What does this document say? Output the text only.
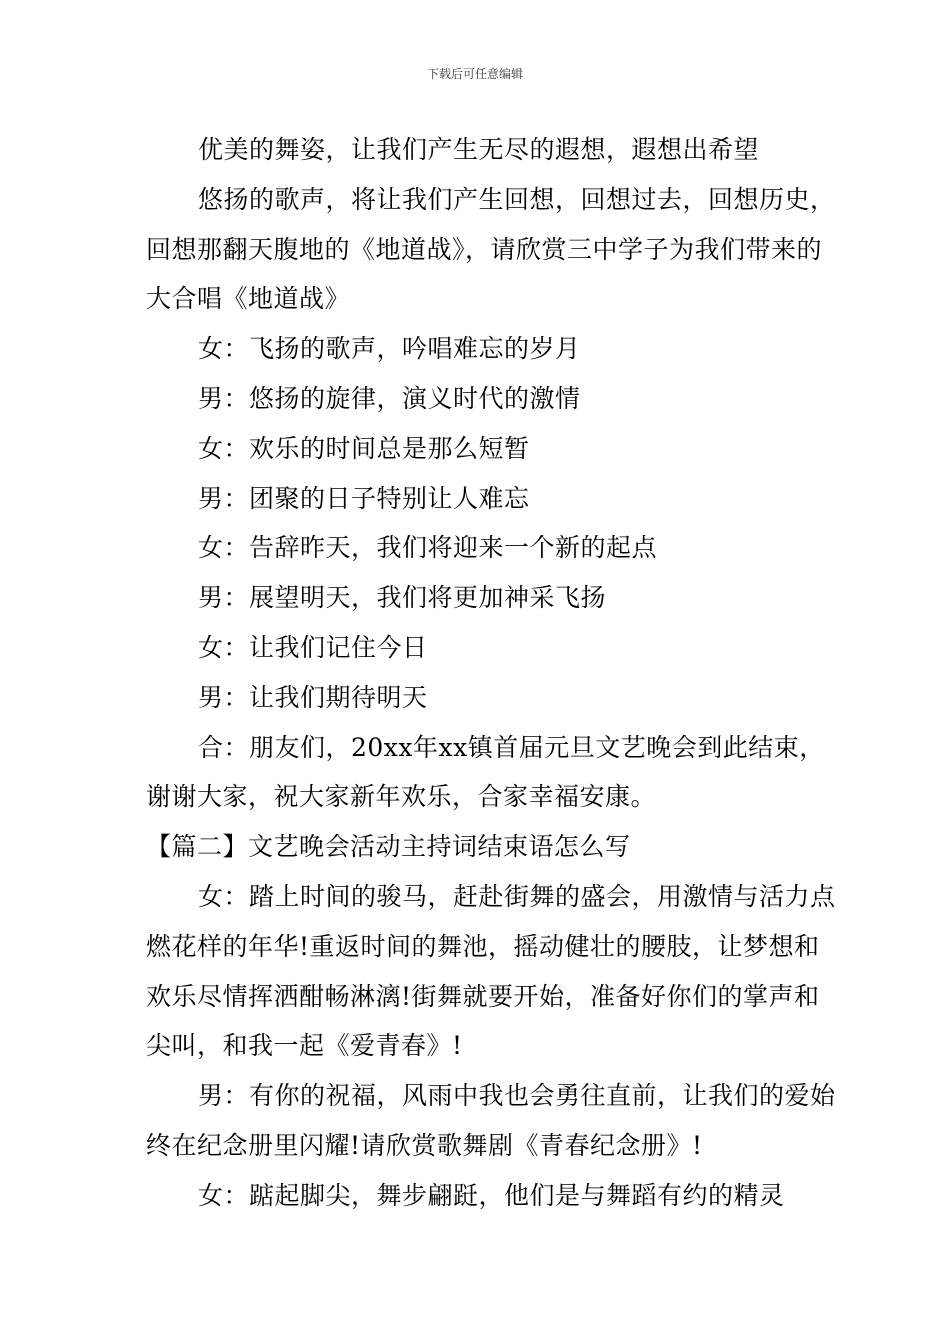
下载后可任意编辑

优美的舞姿，让我们产生无尽的遐想，遐想出希望

悠扬的歌声，将让我们产生回想，回想过去，回想历史，回想那翻天腹地的《地道战》，请欣赏三中学子为我们带来的大合唱《地道战》

女：飞扬的歌声，吟唱难忘的岁月

男：悠扬的旋律，演义时代的激情

女：欢乐的时间总是那么短暂

男：团聚的日子特别让人难忘

女：告辞昨天，我们将迎来一个新的起点

男：展望明天，我们将更加神采飞扬

女：让我们记住今日

男：让我们期待明天

合：朋友们，20xx年xx镇首届元旦文艺晚会到此结束，谢谢大家，祝大家新年欢乐，合家幸福安康。

【篇二】文艺晚会活动主持词结束语怎么写

女：踏上时间的骏马，赶赴街舞的盛会，用激情与活力点燃花样的年华!重返时间的舞池，摇动健壮的腰肢，让梦想和欢乐尽情挥洒酣畅淋漓!街舞就要开始，准备好你们的掌声和尖叫，和我一起《爱青春》!

男：有你的祝福，风雨中我也会勇往直前，让我们的爱始终在纪念册里闪耀!请欣赏歌舞剧《青春纪念册》!

女：踮起脚尖，舞步翩跹，他们是与舞蹈有约的精灵
